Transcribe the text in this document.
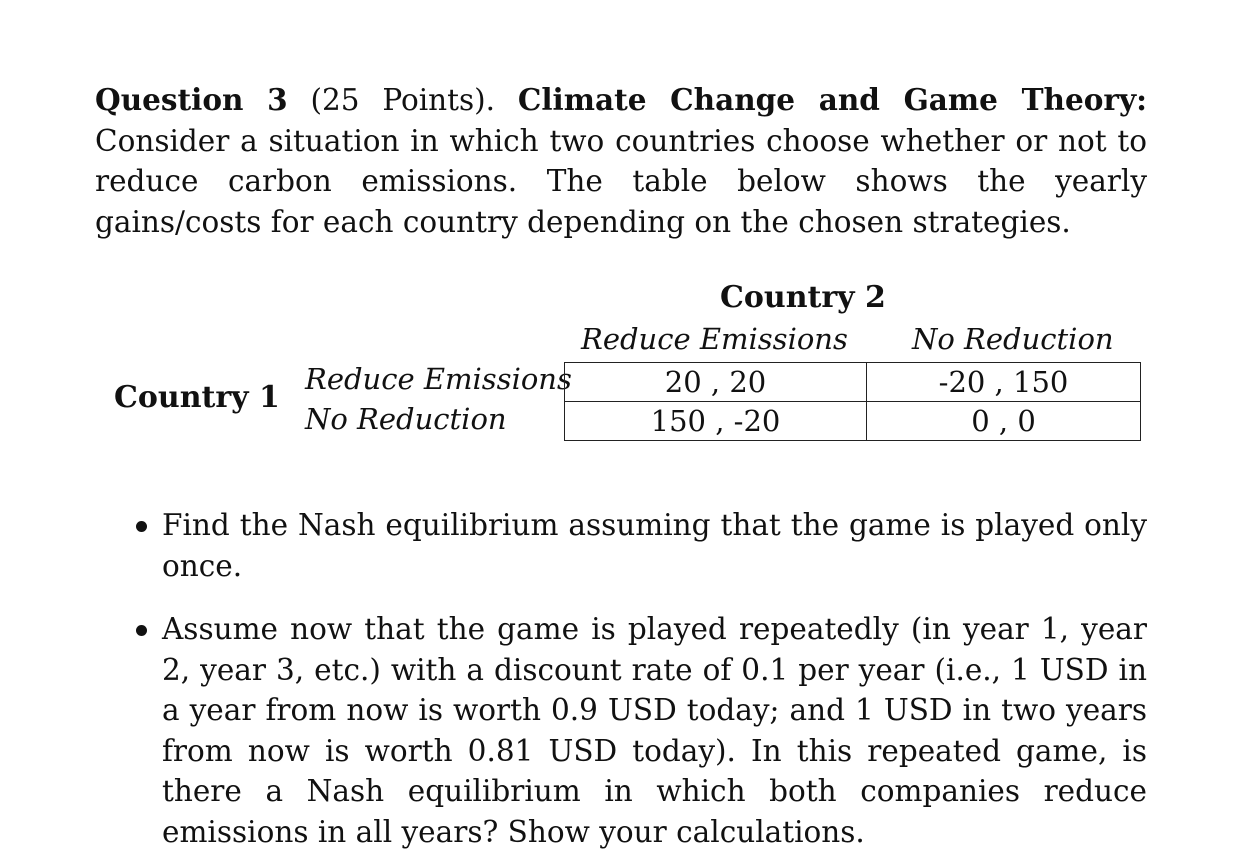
Question 3 (25 Points). Climate Change and Game Theory: Consider a situation in which two countries choose whether or not to reduce carbon emissions. The table below shows the yearly gains/costs for each country depending on the chosen strategies.

Country 2
Reduce Emissions No Reduction
Country 1
Reduce Emissions
No Reduction
20 , 20	-20 , 150
150 , -20	0 , 0
Find the Nash equilibrium assuming that the game is played only once.
Assume now that the game is played repeatedly (in year 1, year 2, year 3, etc.) with a discount rate of 0.1 per year (i.e., 1 USD in a year from now is worth 0.9 USD today; and 1 USD in two years from now is worth 0.81 USD today). In this repeated game, is there a Nash equilibrium in which both companies reduce emissions in all years? Show your calculations.
